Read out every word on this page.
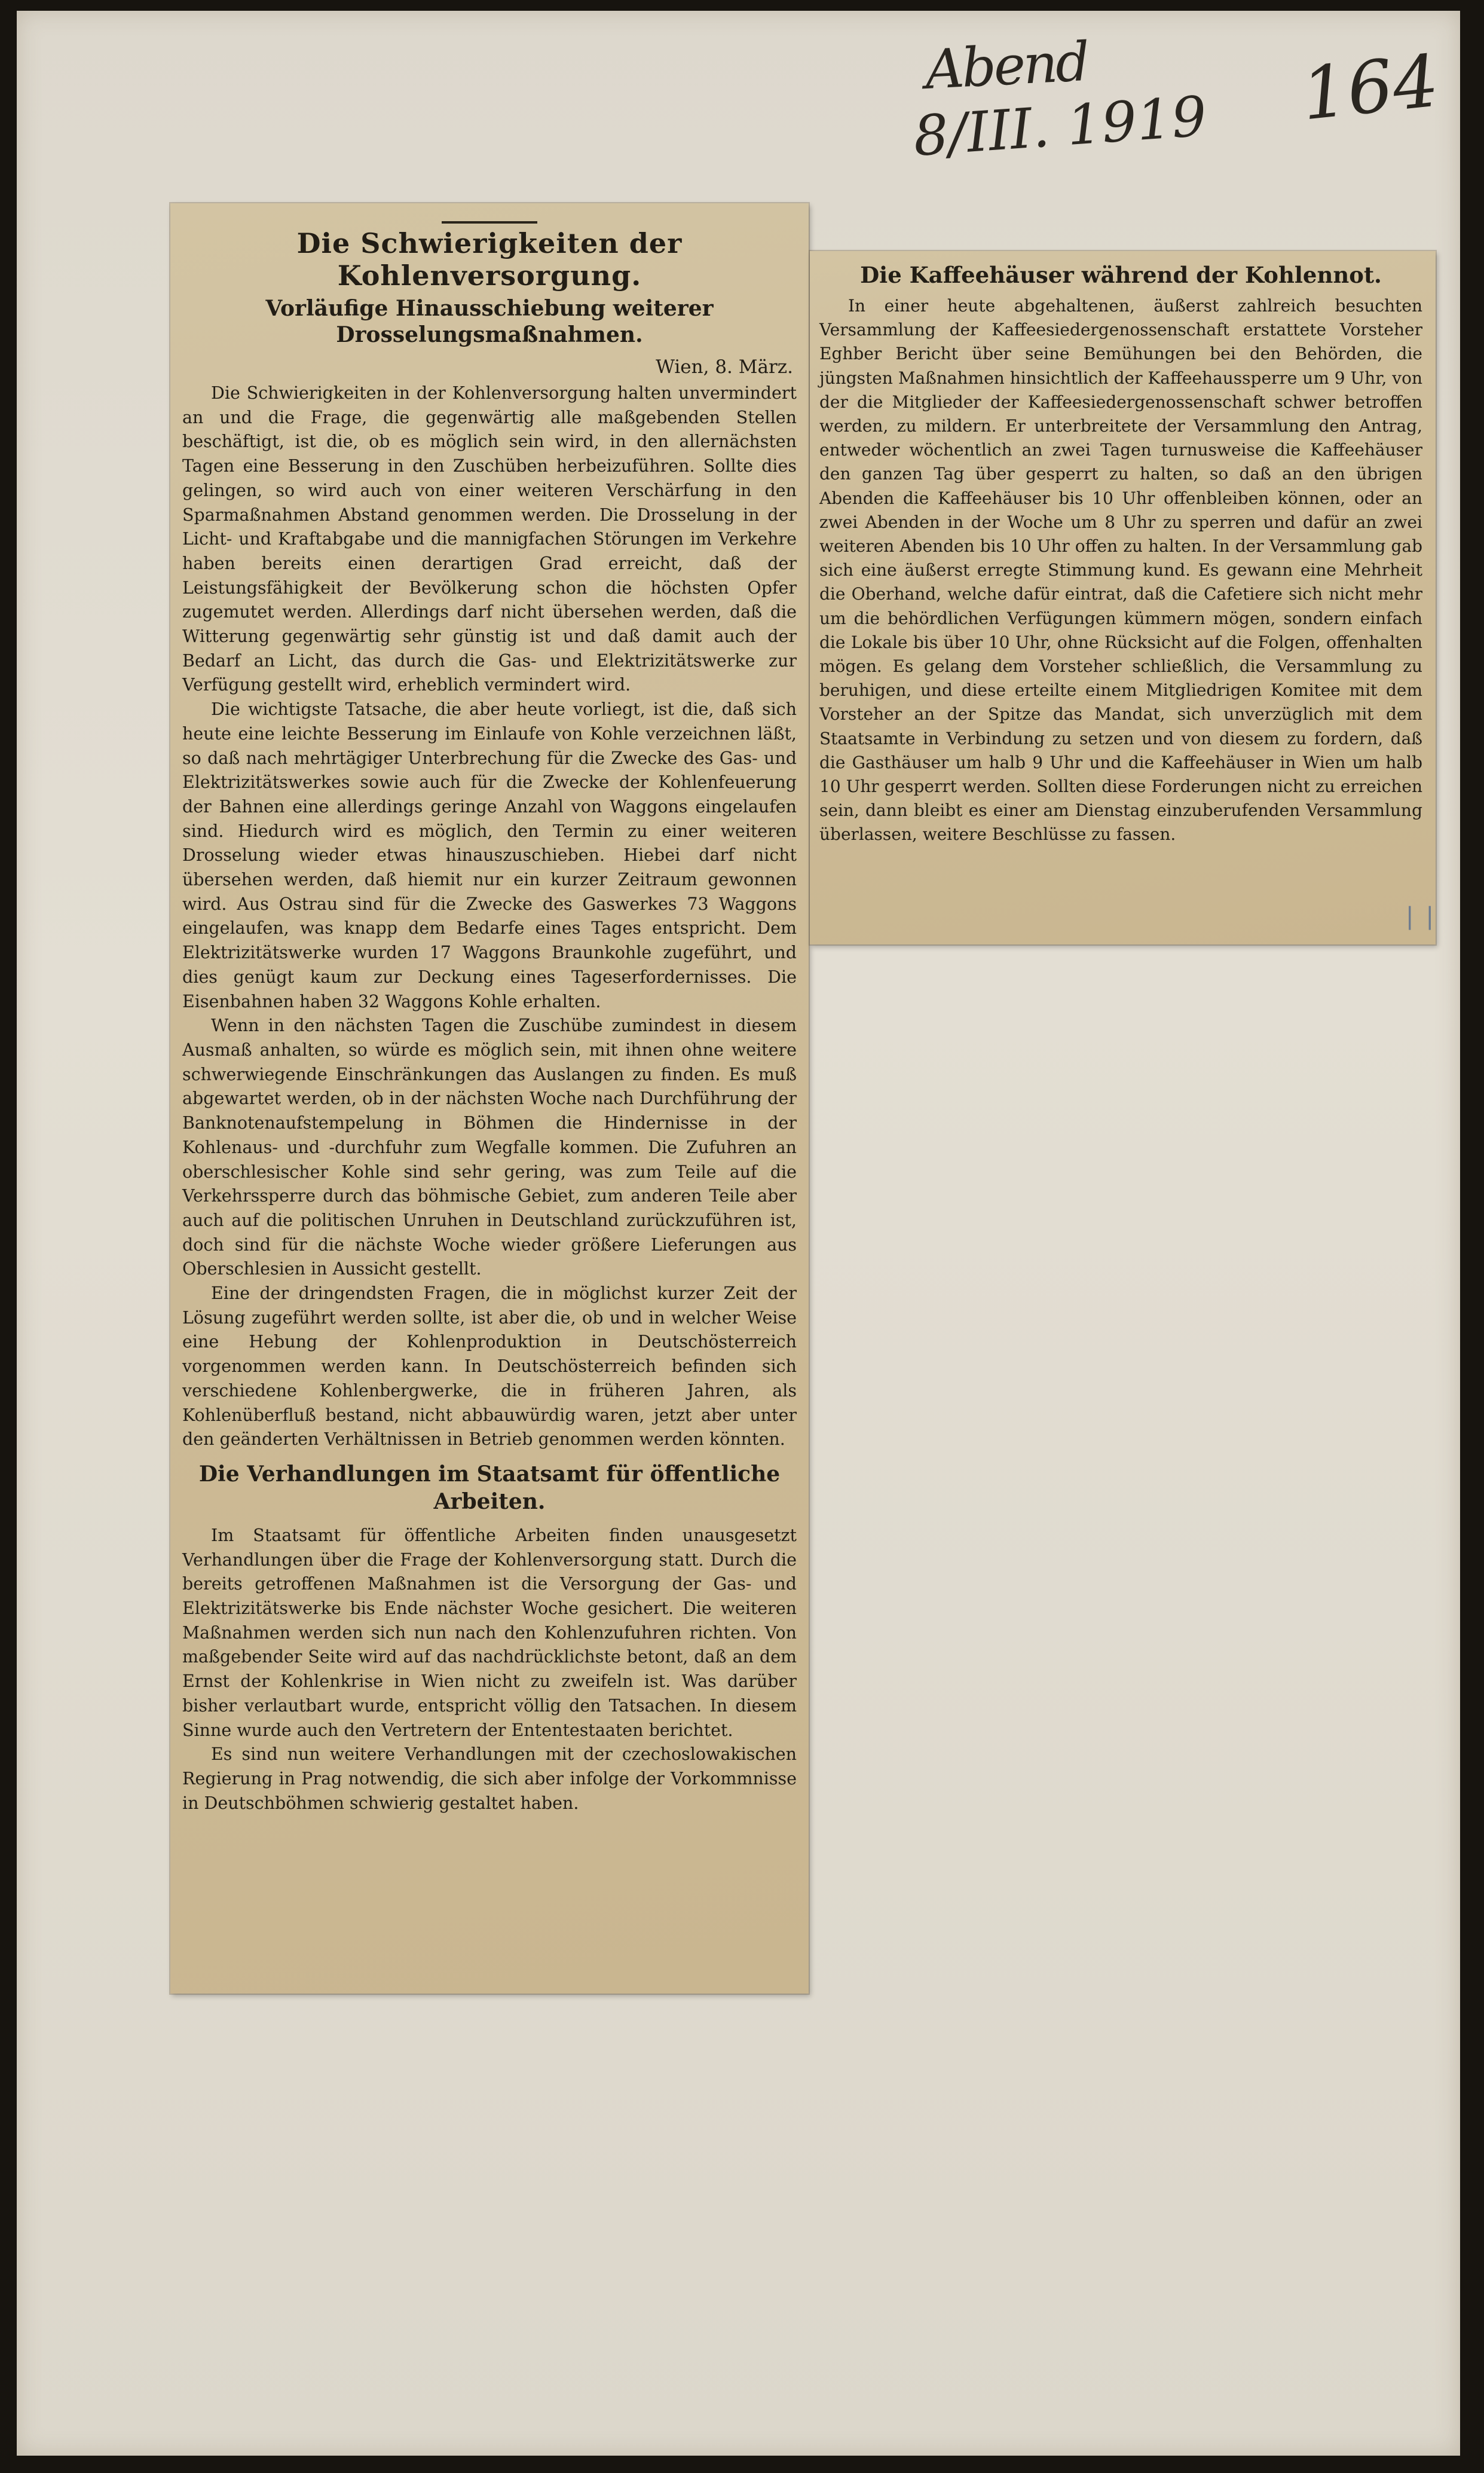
Abend
8/III. 1919 164
Die Schwierigkeiten der Kohlenversorgung.
Vorläufige Hinausschiebung weiterer Drosselungsmaßnahmen.
Wien, 8. März.

Die Schwierigkeiten in der Kohlenversorgung halten unvermindert an und die Frage, die gegenwärtig alle maßgebenden Stellen beschäftigt, ist die, ob es möglich sein wird, in den allernächsten Tagen eine Besserung in den Zuschüben herbeizuführen. Sollte dies gelingen, so wird auch von einer weiteren Verschärfung in den Sparmaßnahmen Abstand genommen werden. Die Drosselung in der Licht- und Kraftabgabe und die mannigfachen Störungen im Verkehre haben bereits einen derartigen Grad erreicht, daß der Leistungsfähigkeit der Bevölkerung schon die höchsten Opfer zugemutet werden. Allerdings darf nicht übersehen werden, daß die Witterung gegenwärtig sehr günstig ist und daß damit auch der Bedarf an Licht, das durch die Gas- und Elektrizitätswerke zur Verfügung gestellt wird, erheblich vermindert wird.

Die wichtigste Tatsache, die aber heute vorliegt, ist die, daß sich heute eine leichte Besserung im Einlaufe von Kohle verzeichnen läßt, so daß nach mehrtägiger Unterbrechung für die Zwecke des Gas- und Elektrizitätswerkes sowie auch für die Zwecke der Kohlenfeuerung der Bahnen eine allerdings geringe Anzahl von Waggons eingelaufen sind. Hiedurch wird es möglich, den Termin zu einer weiteren Drosselung wieder etwas hinauszuschieben. Hiebei darf nicht übersehen werden, daß hiemit nur ein kurzer Zeitraum gewonnen wird. Aus Ostrau sind für die Zwecke des Gaswerkes 73 Waggons eingelaufen, was knapp dem Bedarfe eines Tages entspricht. Dem Elektrizitätswerke wurden 17 Waggons Braunkohle zugeführt, und dies genügt kaum zur Deckung eines Tageserfordernisses. Die Eisenbahnen haben 32 Waggons Kohle erhalten.

Wenn in den nächsten Tagen die Zuschübe zumindest in diesem Ausmaß anhalten, so würde es möglich sein, mit ihnen ohne weitere schwerwiegende Einschränkungen das Auslangen zu finden. Es muß abgewartet werden, ob in der nächsten Woche nach Durchführung der Banknotenaufstempelung in Böhmen die Hindernisse in der Kohlenaus- und -durchfuhr zum Wegfalle kommen. Die Zufuhren an oberschlesischer Kohle sind sehr gering, was zum Teile auf die Verkehrssperre durch das böhmische Gebiet, zum anderen Teile aber auch auf die politischen Unruhen in Deutschland zurückzuführen ist, doch sind für die nächste Woche wieder größere Lieferungen aus Oberschlesien in Aussicht gestellt.

Eine der dringendsten Fragen, die in möglichst kurzer Zeit der Lösung zugeführt werden sollte, ist aber die, ob und in welcher Weise eine Hebung der Kohlenproduktion in Deutschösterreich vorgenommen werden kann. In Deutschösterreich befinden sich verschiedene Kohlenbergwerke, die in früheren Jahren, als Kohlenüberfluß bestand, nicht abbauwürdig waren, jetzt aber unter den geänderten Verhältnissen in Betrieb genommen werden könnten.

Die Verhandlungen im Staatsamt für öffentliche Arbeiten.

Im Staatsamt für öffentliche Arbeiten finden unausgesetzt Verhandlungen über die Frage der Kohlenversorgung statt. Durch die bereits getroffenen Maßnahmen ist die Versorgung der Gas- und Elektrizitätswerke bis Ende nächster Woche gesichert. Die weiteren Maßnahmen werden sich nun nach den Kohlenzufuhren richten. Von maßgebender Seite wird auf das nachdrücklichste betont, daß an dem Ernst der Kohlenkrise in Wien nicht zu zweifeln ist. Was darüber bisher verlautbart wurde, entspricht völlig den Tatsachen. In diesem Sinne wurde auch den Vertretern der Ententestaaten berichtet.

Es sind nun weitere Verhandlungen mit der czechoslowakischen Regierung in Prag notwendig, die sich aber infolge der Vorkommnisse in Deutschböhmen schwierig gestaltet haben.

Die Kaffeehäuser während der Kohlennot.

In einer heute abgehaltenen, äußerst zahlreich besuchten Versammlung der Kaffeesiedergenossenschaft erstattete Vorsteher Eghber Bericht über seine Bemühungen bei den Behörden, die jüngsten Maßnahmen hinsichtlich der Kaffeehaussperre um 9 Uhr, von der die Mitglieder der Kaffeesiedergenossenschaft schwer betroffen werden, zu mildern. Er unterbreitete der Versammlung den Antrag, entweder wöchentlich an zwei Tagen turnusweise die Kaffeehäuser den ganzen Tag über gesperrt zu halten, so daß an den übrigen Abenden die Kaffeehäuser bis 10 Uhr offenbleiben können, oder an zwei Abenden in der Woche um 8 Uhr zu sperren und dafür an zwei weiteren Abenden bis 10 Uhr offen zu halten. In der Versammlung gab sich eine äußerst erregte Stimmung kund. Es gewann eine Mehrheit die Oberhand, welche dafür eintrat, daß die Cafetiere sich nicht mehr um die behördlichen Verfügungen kümmern mögen, sondern einfach die Lokale bis über 10 Uhr, ohne Rücksicht auf die Folgen, offenhalten mögen. Es gelang dem Vorsteher schließlich, die Versammlung zu beruhigen, und diese erteilte einem Mitgliedrigen Komitee mit dem Vorsteher an der Spitze das Mandat, sich unverzüglich mit dem Staatsamte in Verbindung zu setzen und von diesem zu fordern, daß die Gasthäuser um halb 9 Uhr und die Kaffeehäuser in Wien um halb 10 Uhr gesperrt werden. Sollten diese Forderungen nicht zu erreichen sein, dann bleibt es einer am Dienstag einzuberufenden Versammlung überlassen, weitere Beschlüsse zu fassen.

❘❘
